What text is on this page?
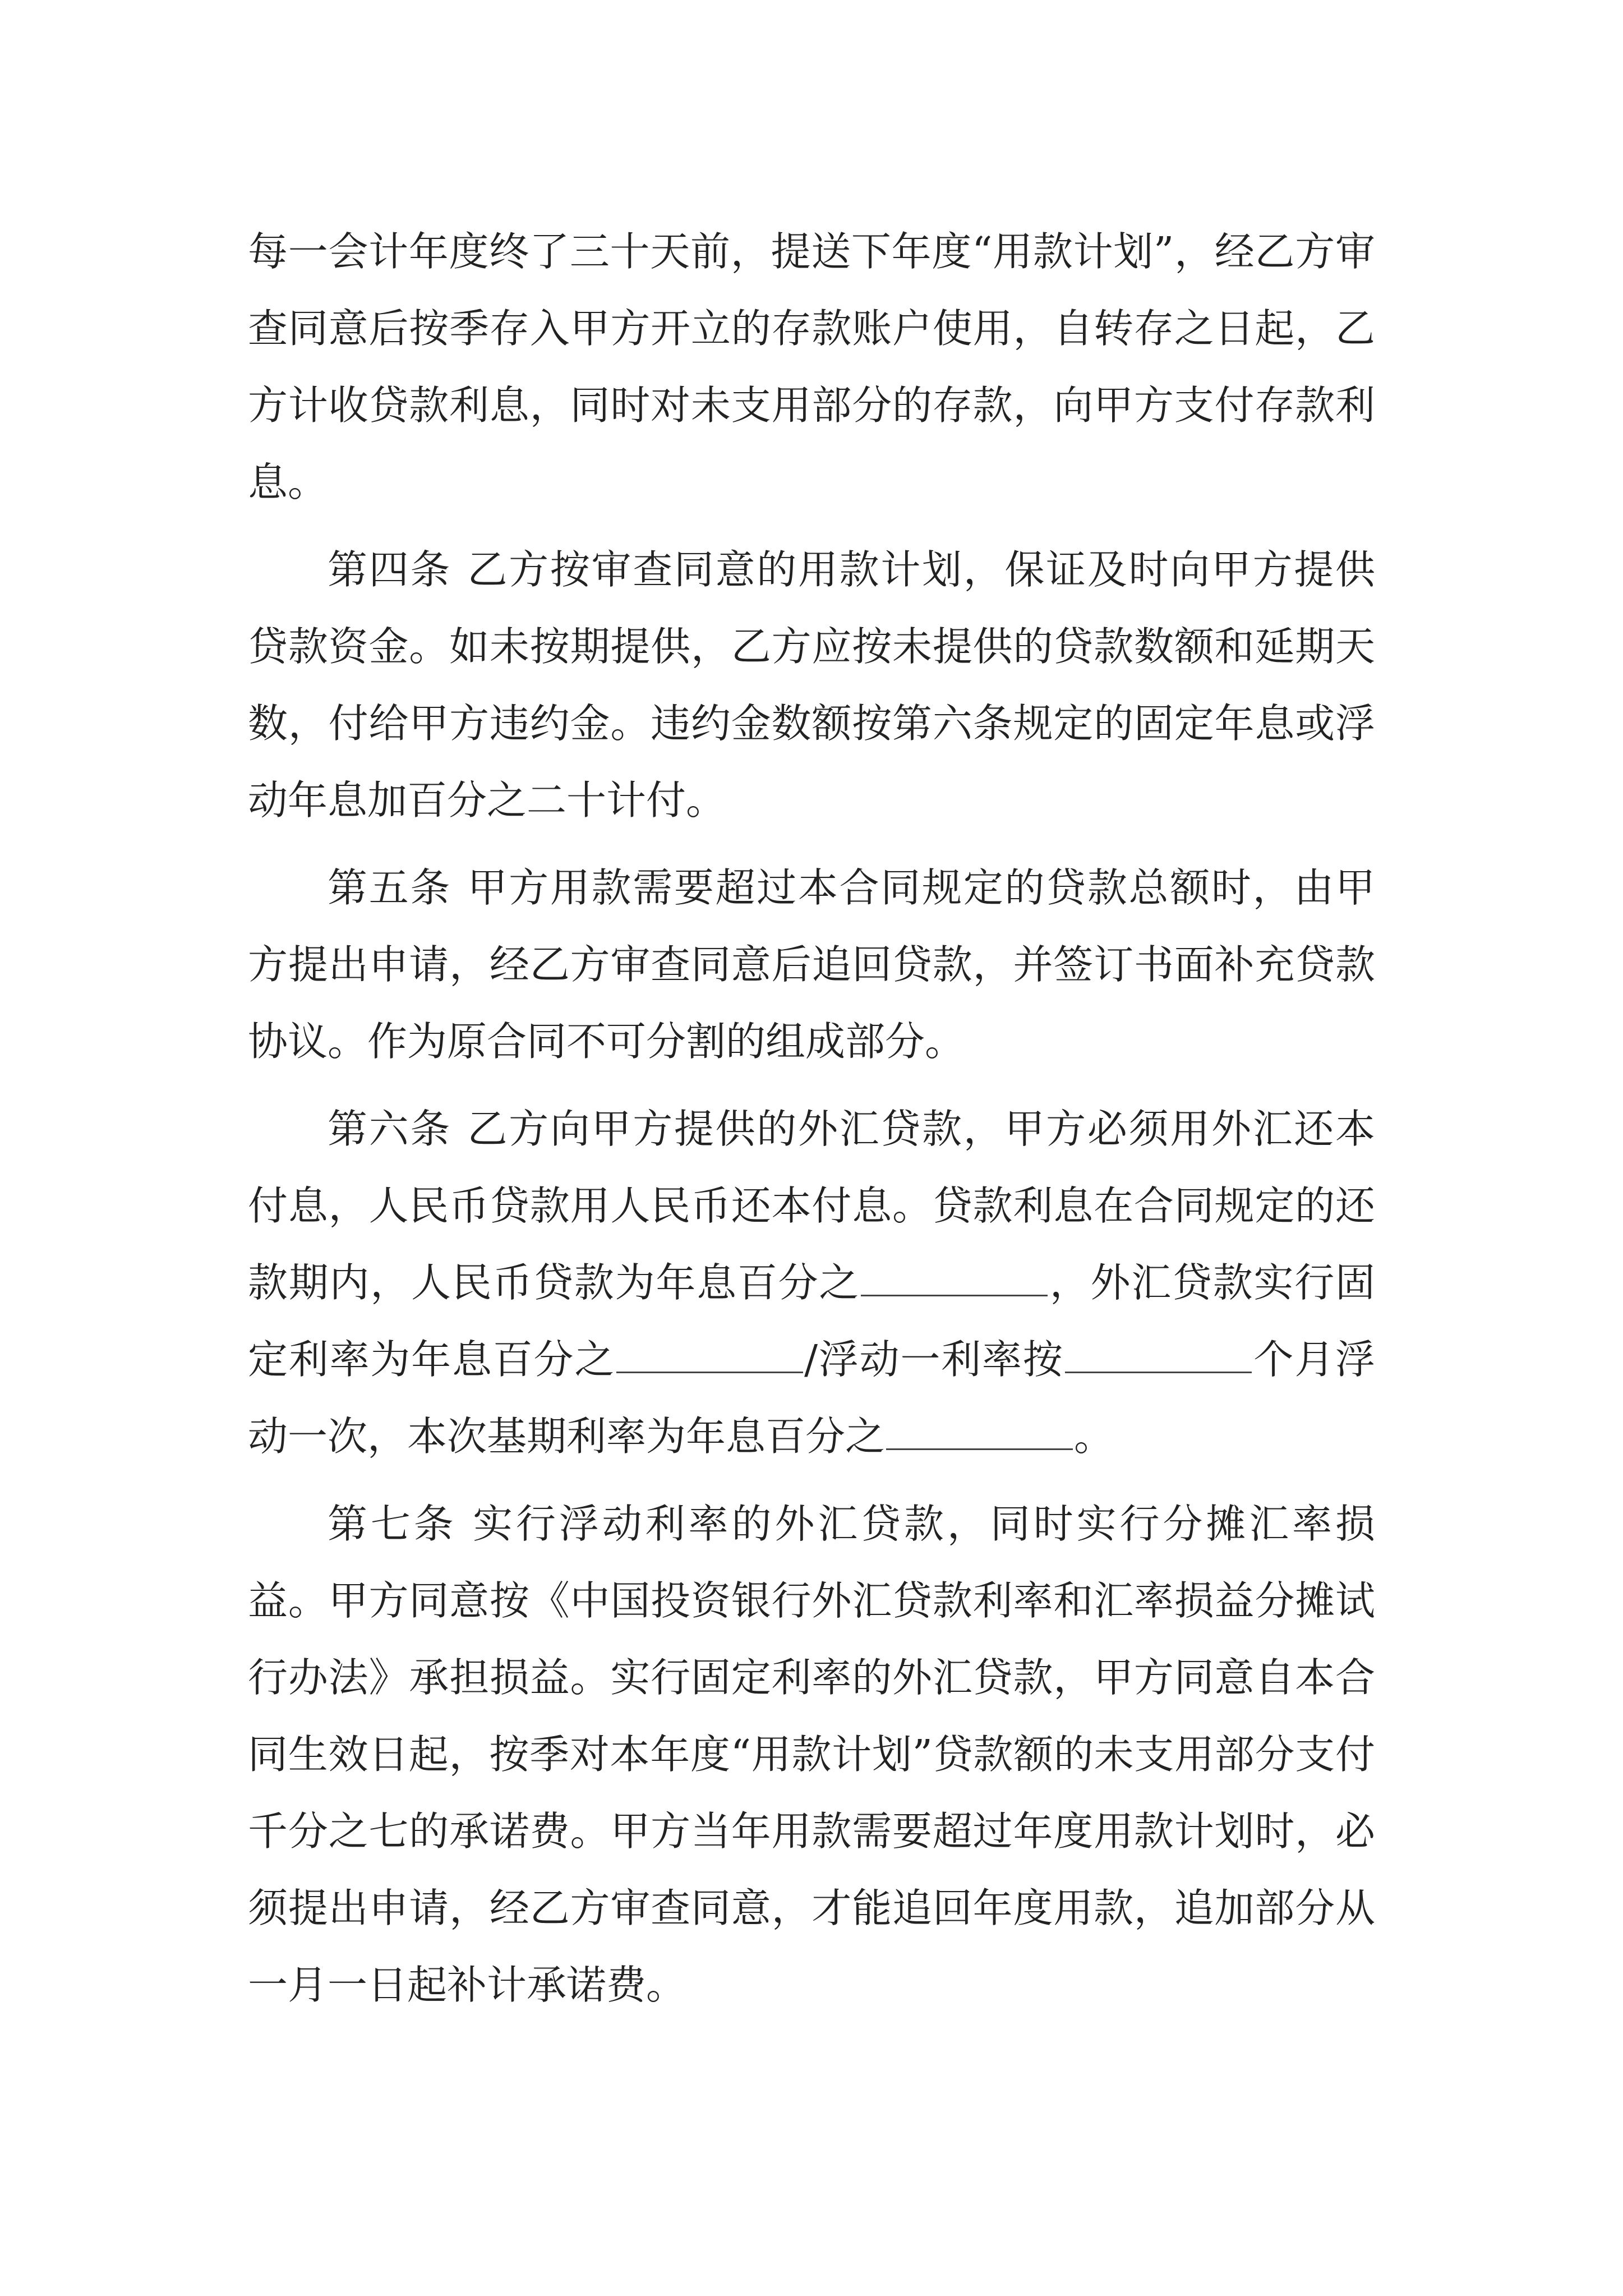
每一会计年度终了三十天前，提送下年度“用款计划”，经乙方审查同意后按季存入甲方开立的存款账户使用，自转存之日起，乙方计收贷款利息，同时对未支用部分的存款，向甲方支付存款利息。

第四条 乙方按审查同意的用款计划，保证及时向甲方提供贷款资金。如未按期提供，乙方应按未提供的贷款数额和延期天数，付给甲方违约金。违约金数额按第六条规定的固定年息或浮动年息加百分之二十计付。

第五条 甲方用款需要超过本合同规定的贷款总额时，由甲方提出申请，经乙方审查同意后追回贷款，并签订书面补充贷款协议。作为原合同不可分割的组成部分。

第六条 乙方向甲方提供的外汇贷款，甲方必须用外汇还本付息，人民币贷款用人民币还本付息。贷款利息在合同规定的还款期内，人民币贷款为年息百分之	，外汇贷款实行固定利率为年息百分之	/浮动一利率按	个月浮动一次，本次基期利率为年息百分之	。

第七条 实行浮动利率的外汇贷款，同时实行分摊汇率损益。甲方同意按《中国投资银行外汇贷款利率和汇率损益分摊试行办法》承担损益。实行固定利率的外汇贷款，甲方同意自本合同生效日起，按季对本年度“用款计划”贷款额的未支用部分支付千分之七的承诺费。甲方当年用款需要超过年度用款计划时，必须提出申请，经乙方审查同意，才能追回年度用款，追加部分从一月一日起补计承诺费。
